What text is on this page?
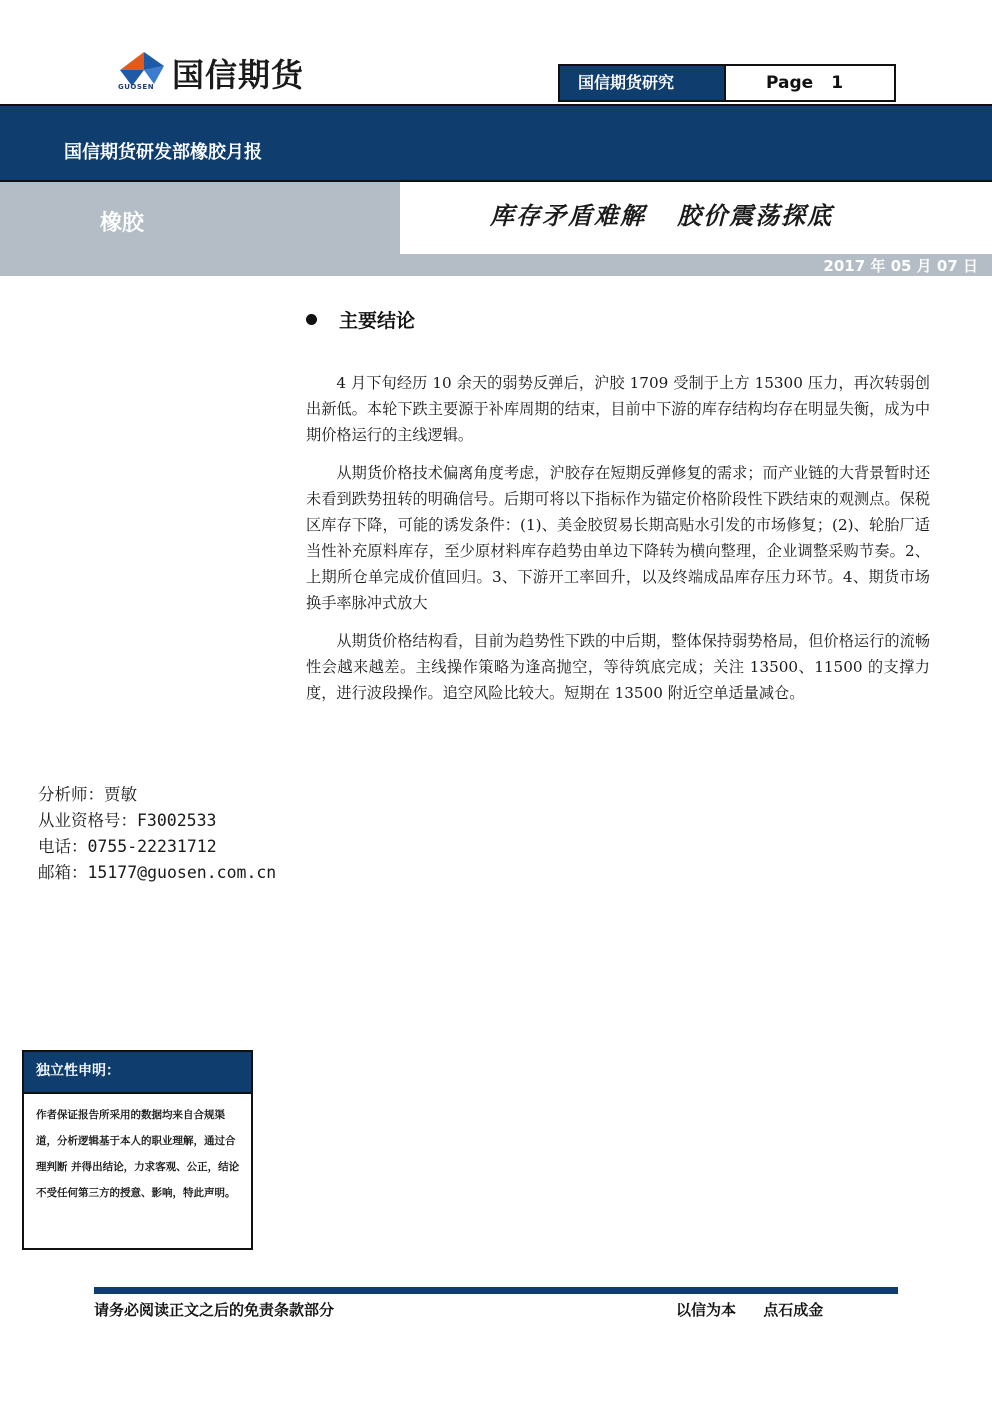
国信期货
GUOSEN	国信期货研究	Page 1
国信期货研发部橡胶月报
橡胶	库存矛盾难解   胶价震荡探底
2017 年 05 月 07 日
主要结论

4 月下旬经历 10 余天的弱势反弹后，沪胶 1709 受制于上方 15300 压力，再次转弱创出新低。本轮下跌主要源于补库周期的结束，目前中下游的库存结构均存在明显失衡，成为中期价格运行的主线逻辑。

从期货价格技术偏离角度考虑，沪胶存在短期反弹修复的需求；而产业链的大背景暂时还未看到跌势扭转的明确信号。后期可将以下指标作为锚定价格阶段性下跌结束的观测点。保税区库存下降，可能的诱发条件：(1)、美金胶贸易长期高贴水引发的市场修复；(2)、轮胎厂适当性补充原料库存，至少原材料库存趋势由单边下降转为横向整理，企业调整采购节奏。2、上期所仓单完成价值回归。3、下游开工率回升，以及终端成品库存压力环节。4、期货市场换手率脉冲式放大

从期货价格结构看，目前为趋势性下跌的中后期，整体保持弱势格局，但价格运行的流畅性会越来越差。主线操作策略为逢高抛空，等待筑底完成；关注 13500、11500 的支撑力度，进行波段操作。追空风险比较大。短期在 13500 附近空单适量减仓。

分析师：贾敏
从业资格号：F3002533
电话：0755-22231712
邮箱：15177@guosen.com.cn
独立性申明：
作者保证报告所采用的数据均来自合规渠道，分析逻辑基于本人的职业理解，通过合理判断 并得出结论，力求客观、公正，结论不受任何第三方的授意、影响，特此声明。
请务必阅读正文之后的免责条款部分	以信为本 点石成金
